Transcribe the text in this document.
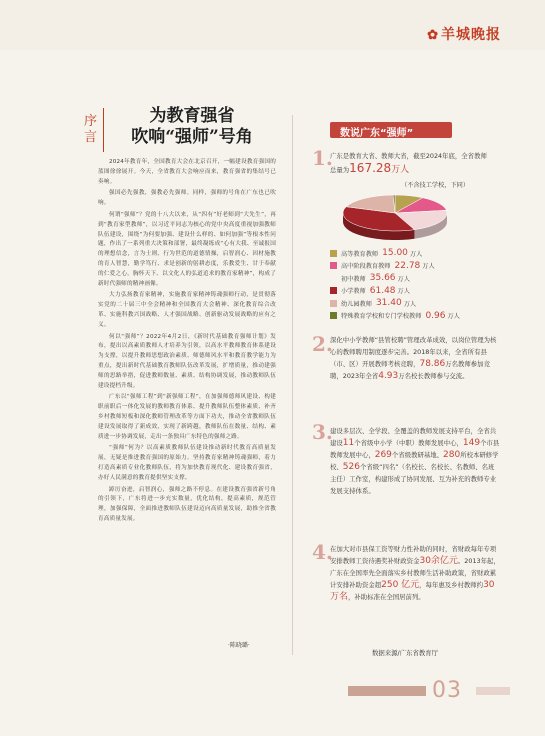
✿ 羊城晚报
序言
为教育强省
吹响“强师”号角

2024年教育年，全国教育大会在北京召开，一幅建设教育强国的蓝图徐徐展开。今天，全省教育大会响应而来，教育强省的集结号已奏响。

强国必先强教，强教必先强师。同样，强师的号角在广东也已吹响。

何谓“强师”？党的十八大以来，从“四有”好老师到“大先生”，再到“教育家型教师”，以习近平同志为核心的党中央高度重视加强教师队伍建设，围绕“为何要加强、建设什么样的、如何加强”等根本性问题，作出了一系列重大决策和部署，最终凝练成“心有大我、至诚报国的理想信念，言为士则、行为世范的道德情操，启智润心、因材施教的育人智慧，勤学笃行、求是创新的躬耕态度，乐教爱生、甘于奉献的仁爱之心，胸怀天下、以文化人的弘道追求的教育家精神”，构成了新时代强师的精神画像。

大力弘扬教育家精神，实施教育家精神铸魂强师行动，是贯彻落实党的二十届三中全会精神和全国教育大会精神、深化教育综合改革、实施科教兴国战略、人才强国战略、创新驱动发展战略的应有之义。

何以“强师”？2022年4月2日，《新时代基础教育强师计划》发布，提出以高素质教师人才培养为引领，以高水平教师教育体系建设为支撑，以提升教师思想政治素质、师德师风水平和教育教学能力为重点，提出新时代基础教育教师队伍改革发展，扩增质量，推动建强师的思路举措，促进教师数量、素质、结构协调发展，推动教师队伍建设提档升级。

广东以“强师工程”到“新强师工程”，在加强师德师风建设、构建职前职后一体化发展的教师教育体系、提升教师队伍整体素质、补齐乡村教师短板和深化教师管理改革等方面下功夫，推动全省教师队伍建设发展取得了新成效，实现了新跨越，教师队伍在数量、结构、素质进一步协调发展，走出一条独具广东特色的强师之路。

“强师”何为？以高素质教师队伍建设推动新时代教育高质量发展，无疑是推进教育强国的原始力。坚持教育家精神铸魂强师，着力打造高素质专业化教师队伍，将为加快教育现代化、建设教育强省，办好人民满意的教育提供坚实支撑。

踔厉奋进，启智润心，强师之路不停息。在建设教育强省新号角的引领下，广东将进一步充实数量，优化结构，提高素质，规范管理，加强保障，全面推进教师队伍建设迈向高质量发展，助推全省教育高质量发展。

·陈晓璐·
数说广东“强师”
1.
广东是教育大省、教师大省，截至2024年底，全省教师总量为167.28万人
（不含技工学校，下同）
高等教育教师 15.00 万人
高中阶段教育教师 22.78 万人
初中教师 35.66 万人
小学教师 61.48 万人
幼儿园教师 31.40 万人
特殊教育学校和专门学校教师 0.96 万人
2.
深化中小学教师“县管校聘”管理改革成效，以岗位管理为核心的教师聘用制度逐步完善。2018年以来，全省所有县（市、区）开展教师考核竞聘，78.86万名教师参加竞聘，2023年全省4.93万名校长教师参与交流。
3.
建设多层次、全学段、全覆盖的教师发展支持平台，全省共建设11个省级中小学（中职）教师发展中心，149个市县教师发展中心，269个省级教研基地、280所校本研修学校、526个省级“四名”（名校长、名校长、名教师、名班主任）工作室，构建形成了协同发展、互为补充的教师专业发展支持体系。
4.
在加大对市县保工资等财力性补助的同时，省财政每年专项安排教师工资待遇奖补财政资金30余亿元。2013年起，广东在全国率先全面落实乡村教师生活补助政策，省财政累计安排补助资金超250 亿元，每年惠及乡村教师约30 万名，补助标准在全国居前列。
数据来源/广东省教育厅
03
